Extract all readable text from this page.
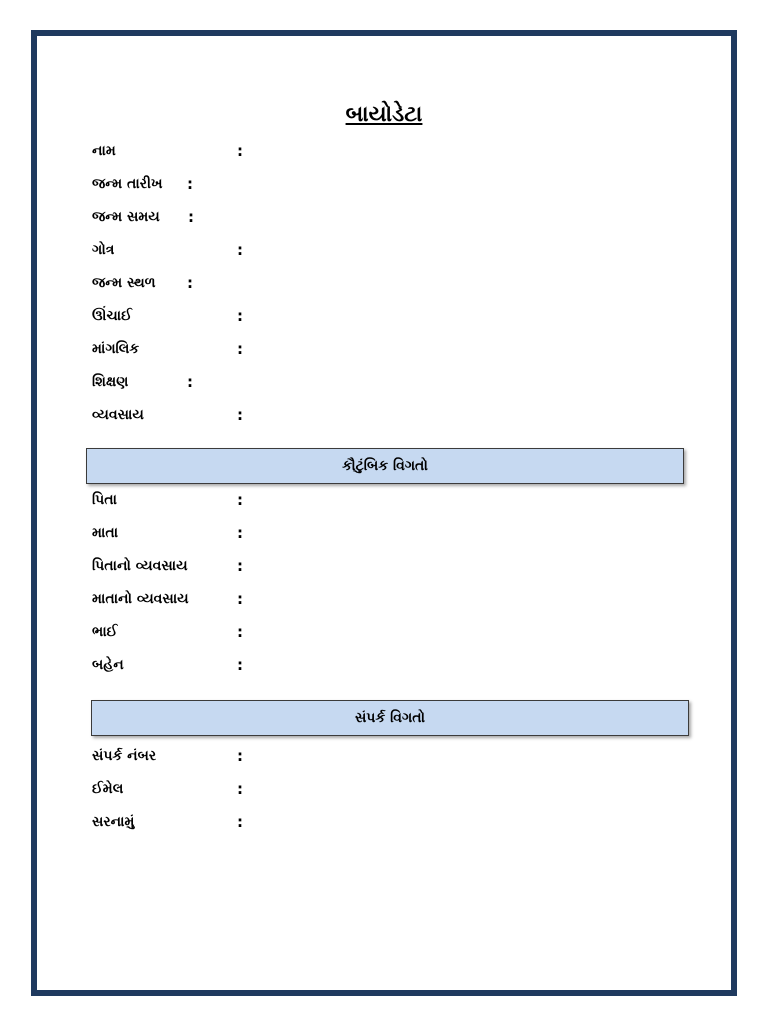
બાયોડેટા
નામ	:
જન્મ તારીખ :
જન્મ સમય :
ગોત્ર	:
જન્મ સ્થળ :
ઊંચાઈ	:
માંગલિક	:
શિક્ષણ	:
વ્યવસાય	:
કૌટુંબિક વિગતો
પિતા	:
માતા	:
પિતાનો વ્યવસાય	:
માતાનો વ્યવસાય	:
ભાઈ	:
બહેન	:
સંપર્ક વિગતો
સંપર્ક નંબર	:
ઈમેલ	:
સરનામું	:
